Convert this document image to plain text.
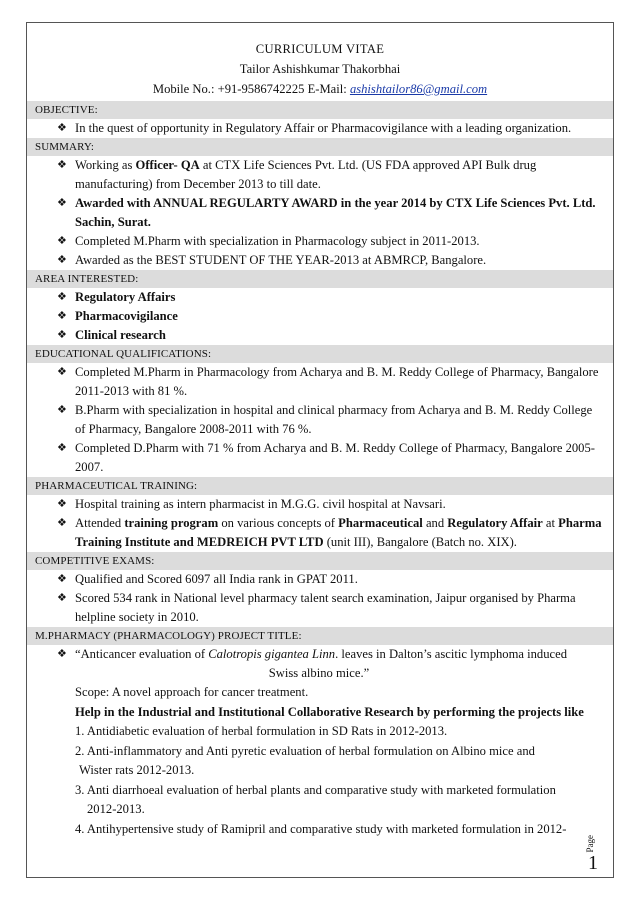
CURRICULUM VITAE
Tailor Ashishkumar Thakorbhai
Mobile No.: +91-9586742225 E-Mail: ashishtailor86@gmail.com
OBJECTIVE:
❖ In the quest of opportunity in Regulatory Affair or Pharmacovigilance with a leading organization.
SUMMARY:
❖ Working as Officer- QA at CTX Life Sciences Pvt. Ltd. (US FDA approved API Bulk drug manufacturing) from December 2013 to till date.
❖ Awarded with ANNUAL REGULARTY AWARD in the year 2014 by CTX Life Sciences Pvt. Ltd. Sachin, Surat.
❖ Completed M.Pharm with specialization in Pharmacology subject in 2011-2013.
❖ Awarded as the BEST STUDENT OF THE YEAR-2013 at ABMRCP, Bangalore.
AREA INTERESTED:
❖ Regulatory Affairs
❖ Pharmacovigilance
❖ Clinical research
EDUCATIONAL QUALIFICATIONS:
❖ Completed M.Pharm in Pharmacology from Acharya and B. M. Reddy College of Pharmacy, Bangalore 2011-2013 with 81 %.
❖ B.Pharm with specialization in hospital and clinical pharmacy from Acharya and B. M. Reddy College of Pharmacy, Bangalore 2008-2011 with 76 %.
❖ Completed D.Pharm with 71 % from Acharya and B. M. Reddy College of Pharmacy, Bangalore 2005-2007.
PHARMACEUTICAL TRAINING:
❖ Hospital training as intern pharmacist in M.G.G. civil hospital at Navsari.
❖ Attended training program on various concepts of Pharmaceutical and Regulatory Affair at Pharma Training Institute and MEDREICH PVT LTD (unit III), Bangalore (Batch no. XIX).
COMPETITIVE EXAMS:
❖ Qualified and Scored 6097 all India rank in GPAT 2011.
❖ Scored 534 rank in National level pharmacy talent search examination, Jaipur organised by Pharma helpline society in 2010.
M.PHARMACY (PHARMACOLOGY) PROJECT TITLE:
❖ “Anticancer evaluation of Calotropis gigantea Linn. leaves in Dalton’s ascitic lymphoma induced
Swiss albino mice.”
Scope: A novel approach for cancer treatment.
Help in the Industrial and Institutional Collaborative Research by performing the projects like
1. Antidiabetic evaluation of herbal formulation in SD Rats in 2012-2013.
2. Anti-inflammatory and Anti pyretic evaluation of herbal formulation on Albino mice and
Wister rats 2012-2013.
3. Anti diarrhoeal evaluation of herbal plants and comparative study with marketed formulation
2012-2013.
4. Antihypertensive study of Ramipril and comparative study with marketed formulation in 2012-
Page
1
